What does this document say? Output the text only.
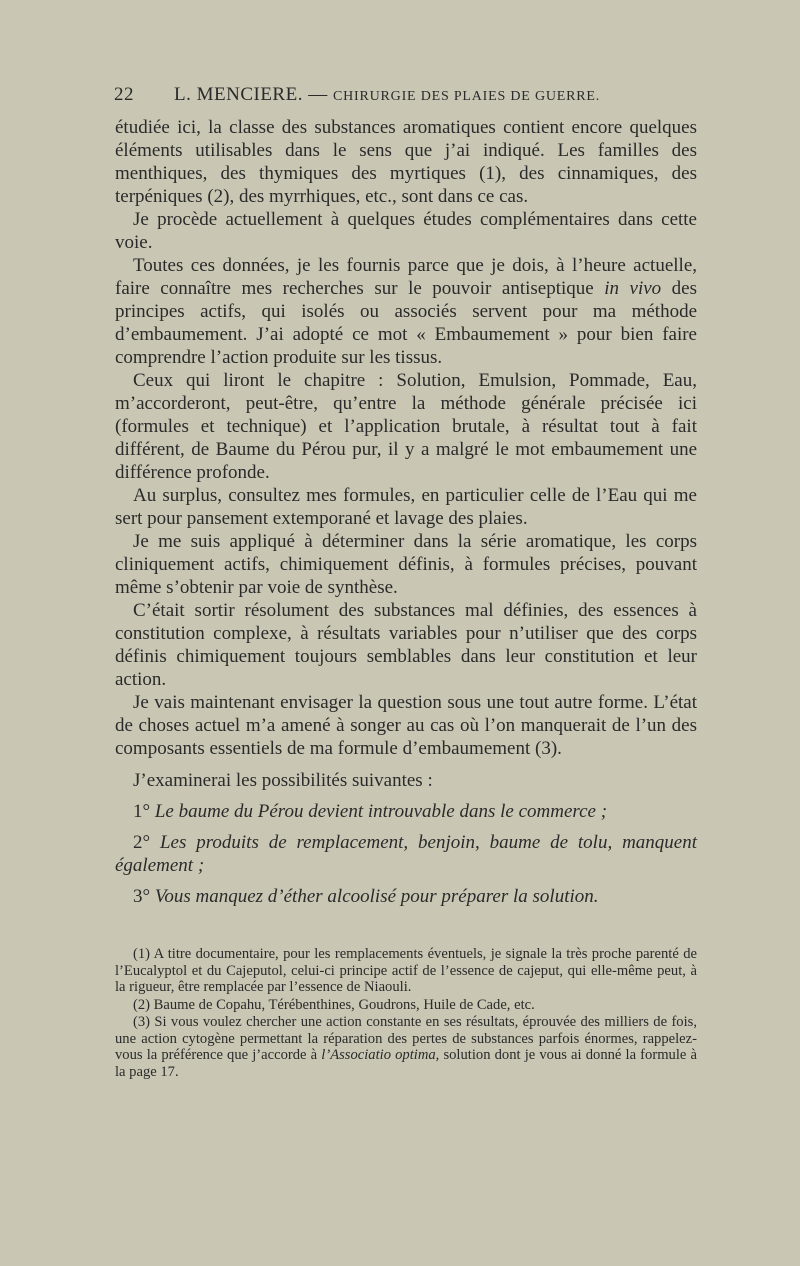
22 L. MENCIERE. — CHIRURGIE DES PLAIES DE GUERRE.

étudiée ici, la classe des substances aromatiques contient encore quelques éléments utilisables dans le sens que j’ai indiqué. Les familles des menthiques, des thymiques des myrtiques (1), des cinnamiques, des terpéniques (2), des myrrhiques, etc., sont dans ce cas.

Je procède actuellement à quelques études complémentaires dans cette voie.

Toutes ces données, je les fournis parce que je dois, à l’heure actuelle, faire connaître mes recherches sur le pouvoir antiseptique in vivo des principes actifs, qui isolés ou associés servent pour ma méthode d’embaumement. J’ai adopté ce mot « Embaumement » pour bien faire comprendre l’action produite sur les tissus.

Ceux qui liront le chapitre : Solution, Emulsion, Pommade, Eau, m’accorderont, peut-être, qu’entre la méthode générale précisée ici (formules et technique) et l’application brutale, à résultat tout à fait différent, de Baume du Pérou pur, il y a malgré le mot embaumement une différence profonde.

Au surplus, consultez mes formules, en particulier celle de l’Eau qui me sert pour pansement extemporané et lavage des plaies.

Je me suis appliqué à déterminer dans la série aromatique, les corps cliniquement actifs, chimiquement définis, à formules précises, pouvant même s’obtenir par voie de synthèse.

C’était sortir résolument des substances mal définies, des essences à constitution complexe, à résultats variables pour n’utiliser que des corps définis chimiquement toujours semblables dans leur constitution et leur action.

Je vais maintenant envisager la question sous une tout autre forme. L’état de choses actuel m’a amené à songer au cas où l’on manquerait de l’un des composants essentiels de ma formule d’embaumement (3).

J’examinerai les possibilités suivantes :

1° Le baume du Pérou devient introuvable dans le commerce ;

2° Les produits de remplacement, benjoin, baume de tolu, manquent également ;

3° Vous manquez d’éther alcoolisé pour préparer la solution.

(1) A titre documentaire, pour les remplacements éventuels, je signale la très proche parenté de l’Eucalyptol et du Cajeputol, celui-ci principe actif de l’essence de cajeput, qui elle-même peut, à la rigueur, être remplacée par l’essence de Niaouli.

(2) Baume de Copahu, Térébenthines, Goudrons, Huile de Cade, etc.

(3) Si vous voulez chercher une action constante en ses résultats, éprouvée des milliers de fois, une action cytogène permettant la réparation des pertes de substances parfois énormes, rappelez-vous la préférence que j’accorde à l’Associatio optima, solution dont je vous ai donné la formule à la page 17.
